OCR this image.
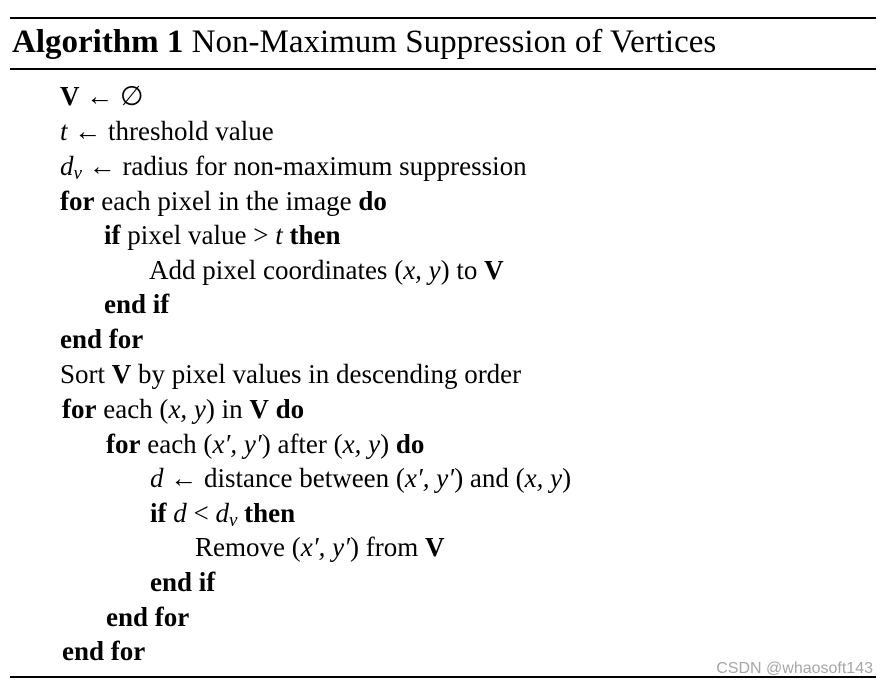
Algorithm 1 Non-Maximum Suppression of Vertices
V ← ∅
t ← threshold value
$d_v$ ← radius for non-maximum suppression
for each pixel in the image do
if pixel value > t then
Add pixel coordinates (x, y) to V
end if
end for
Sort V by pixel values in descending order
for each (x, y) in V do
for each (x′, y′) after (x, y) do
d ← distance between (x′, y′) and (x, y)
if $d < d_v$ then
Remove (x′, y′) from V
end if
end for
end for
CSDN @whaosoft143
